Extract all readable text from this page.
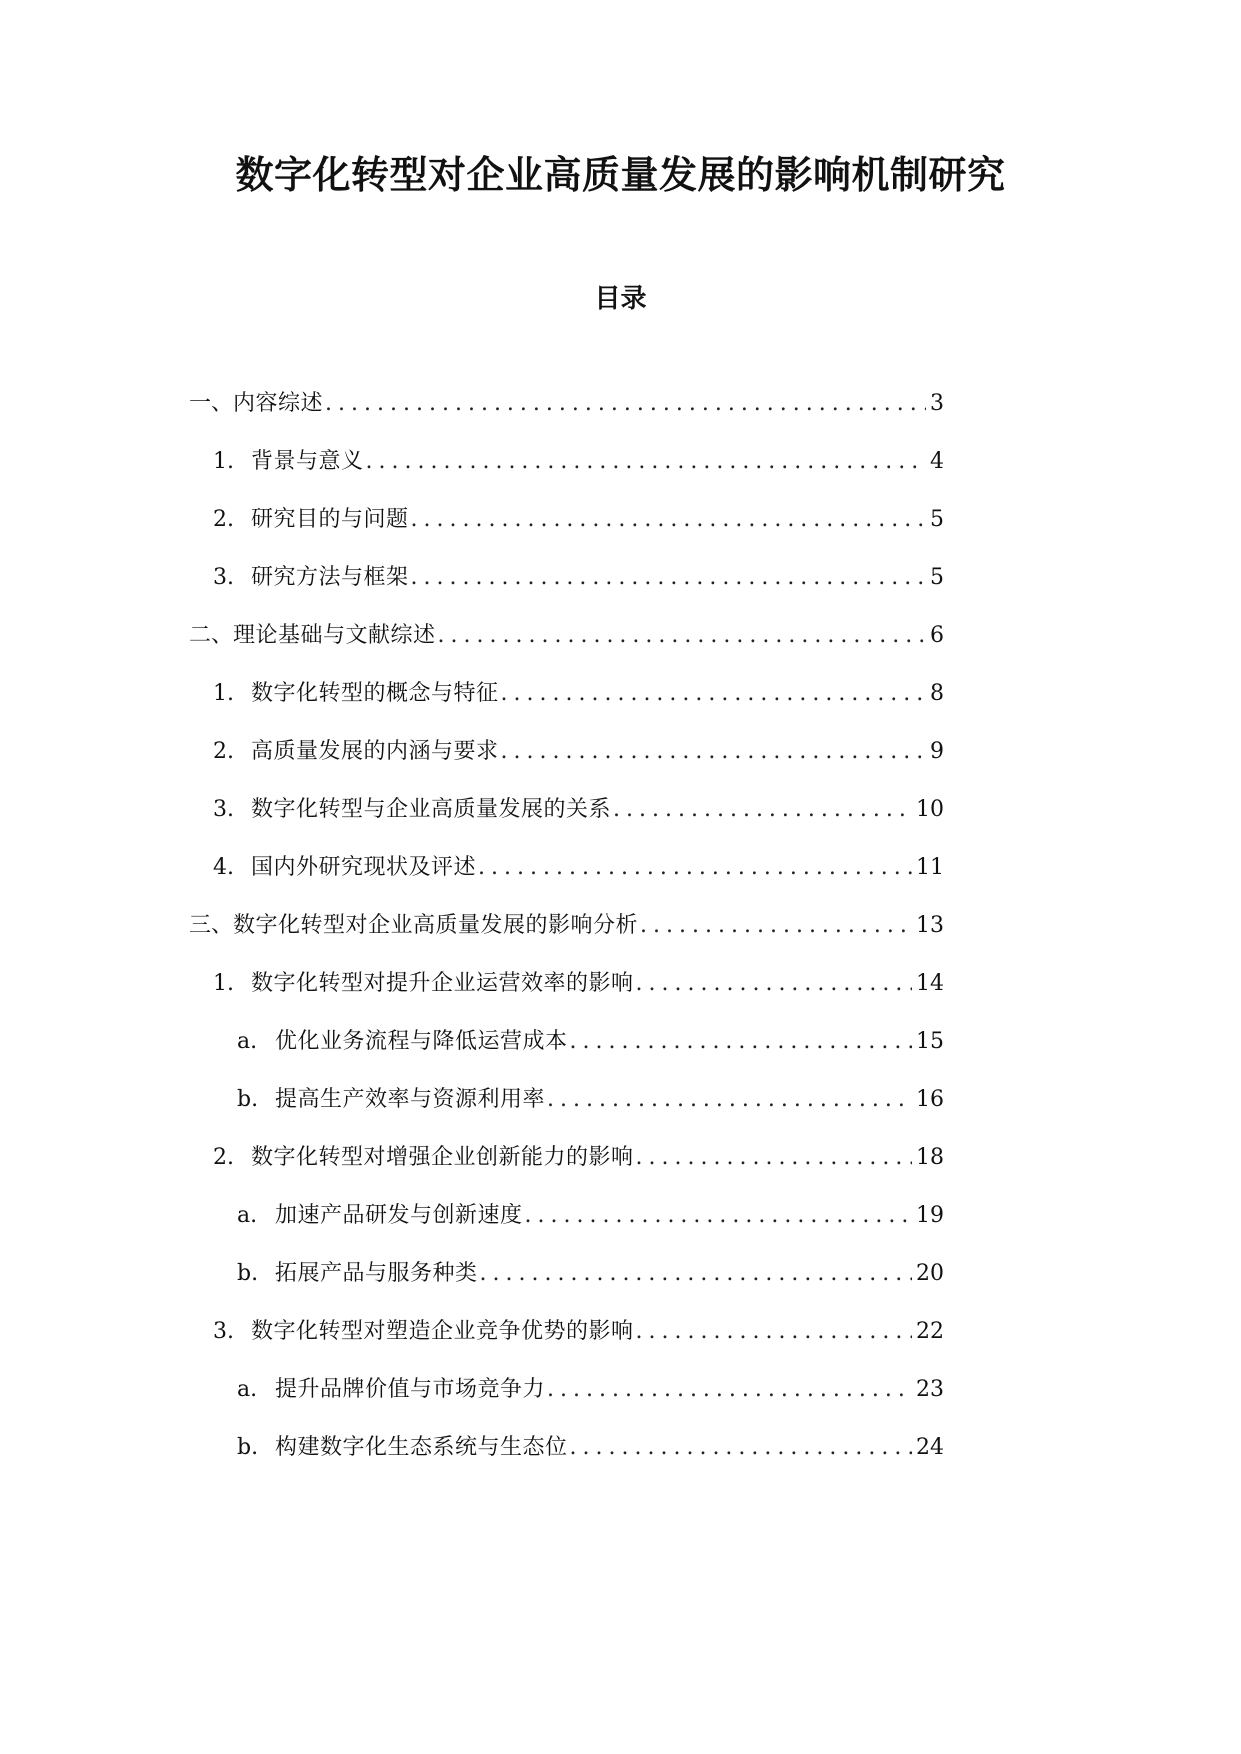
数字化转型对企业高质量发展的影响机制研究
目录
一、 内容综述 .....	3
1. 背景与意义 .....	4
2. 研究目的与问题 .....	5
3. 研究方法与框架 .....	5
二、 理论基础与文献综述 .....	6
1. 数字化转型的概念与特征 .....	8
2. 高质量发展的内涵与要求 .....	9
3. 数字化转型与企业高质量发展的关系 .....	10
4. 国内外研究现状及评述 .....	11
三、 数字化转型对企业高质量发展的影响分析 .....	13
1. 数字化转型对提升企业运营效率的影响 .....	14
a. 优化业务流程与降低运营成本 .....	15
b. 提高生产效率与资源利用率 .....	16
2. 数字化转型对增强企业创新能力的影响 .....	18
a. 加速产品研发与创新速度 .....	19
b. 拓展产品与服务种类 .....	20
3. 数字化转型对塑造企业竞争优势的影响 .....	22
a. 提升品牌价值与市场竞争力 .....	23
b. 构建数字化生态系统与生态位 .....	24
